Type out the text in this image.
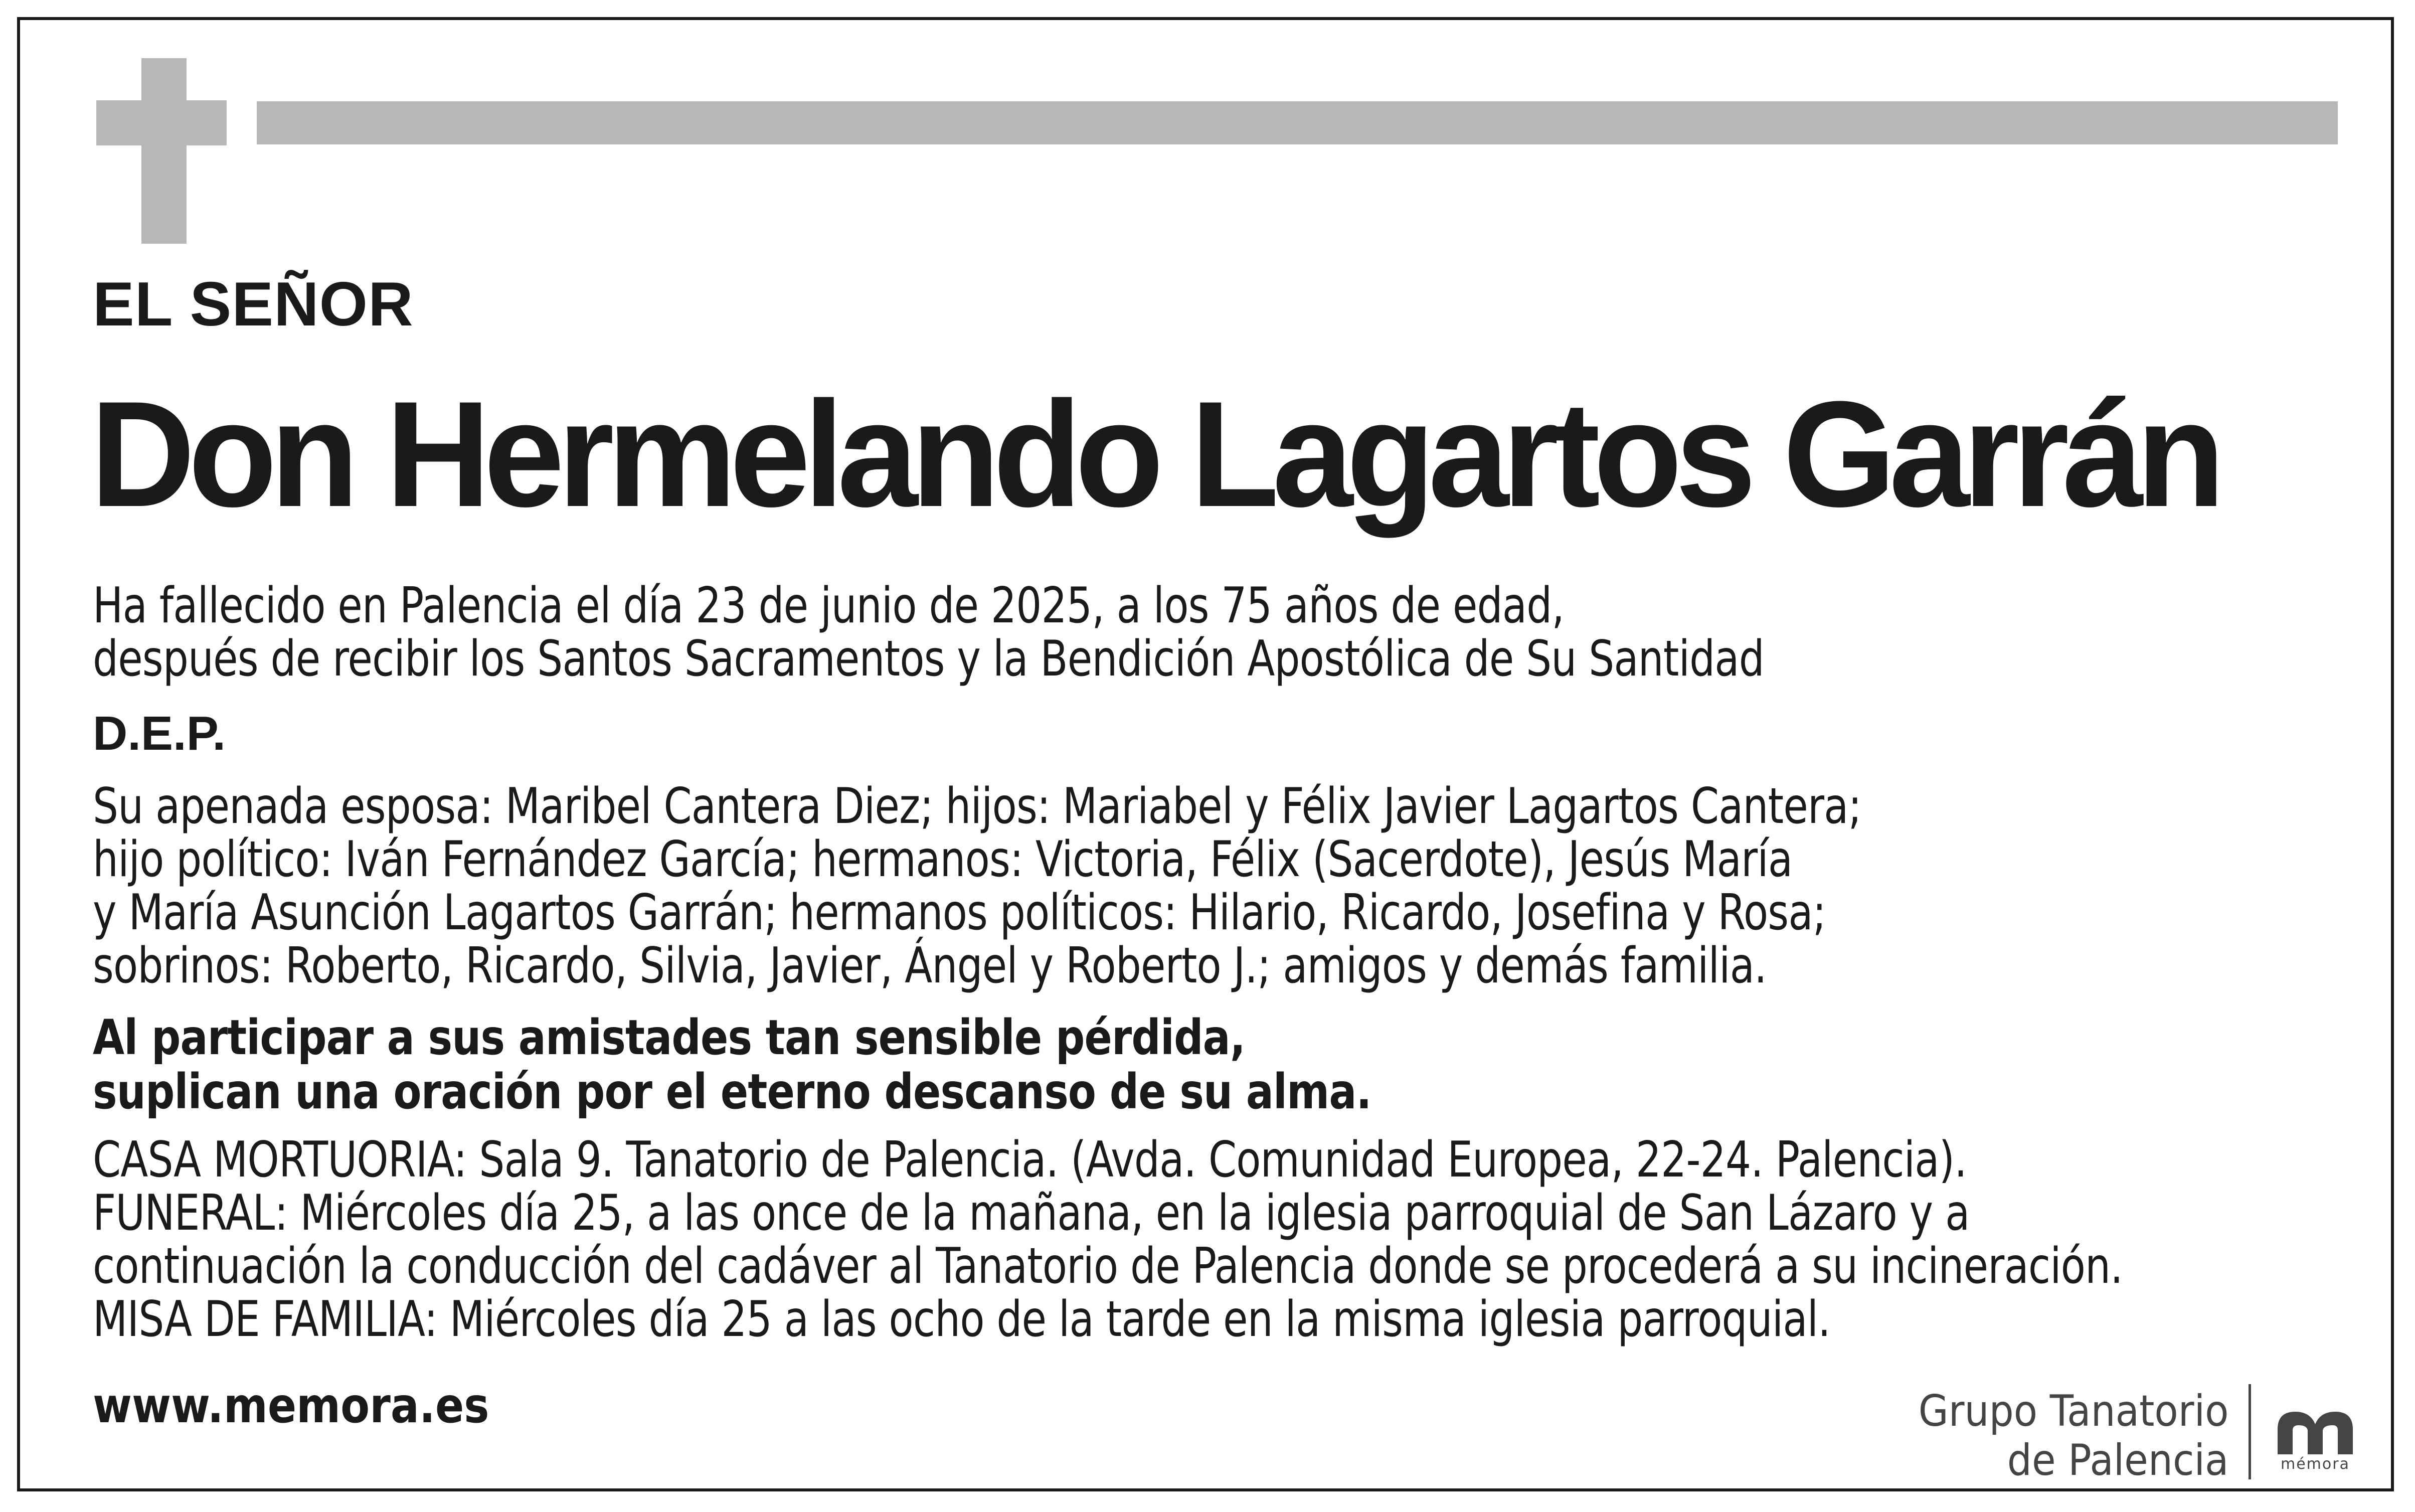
EL SEÑOR
Don Hermelando Lagartos Garrán
Ha fallecido en Palencia el día 23 de junio de 2025, a los 75 años de edad,
después de recibir los Santos Sacramentos y la Bendición Apostólica de Su Santidad
D.E.P.
Su apenada esposa: Maribel Cantera Diez; hijos: Mariabel y Félix Javier Lagartos Cantera;
hijo político: Iván Fernández García; hermanos: Victoria, Félix (Sacerdote), Jesús María
y María Asunción Lagartos Garrán; hermanos políticos: Hilario, Ricardo, Josefina y Rosa;
sobrinos: Roberto, Ricardo, Silvia, Javier, Ángel y Roberto J.; amigos y demás familia.
Al participar a sus amistades tan sensible pérdida,
suplican una oración por el eterno descanso de su alma.
CASA MORTUORIA: Sala 9. Tanatorio de Palencia. (Avda. Comunidad Europea, 22-24. Palencia).
FUNERAL: Miércoles día 25, a las once de la mañana, en la iglesia parroquial de San Lázaro y a
continuación la conducción del cadáver al Tanatorio de Palencia donde se procederá a su incineración.
MISA DE FAMILIA: Miércoles día 25 a las ocho de la tarde en la misma iglesia parroquial.
www.memora.es	Grupo Tanatorio
de Palencia	mémora
